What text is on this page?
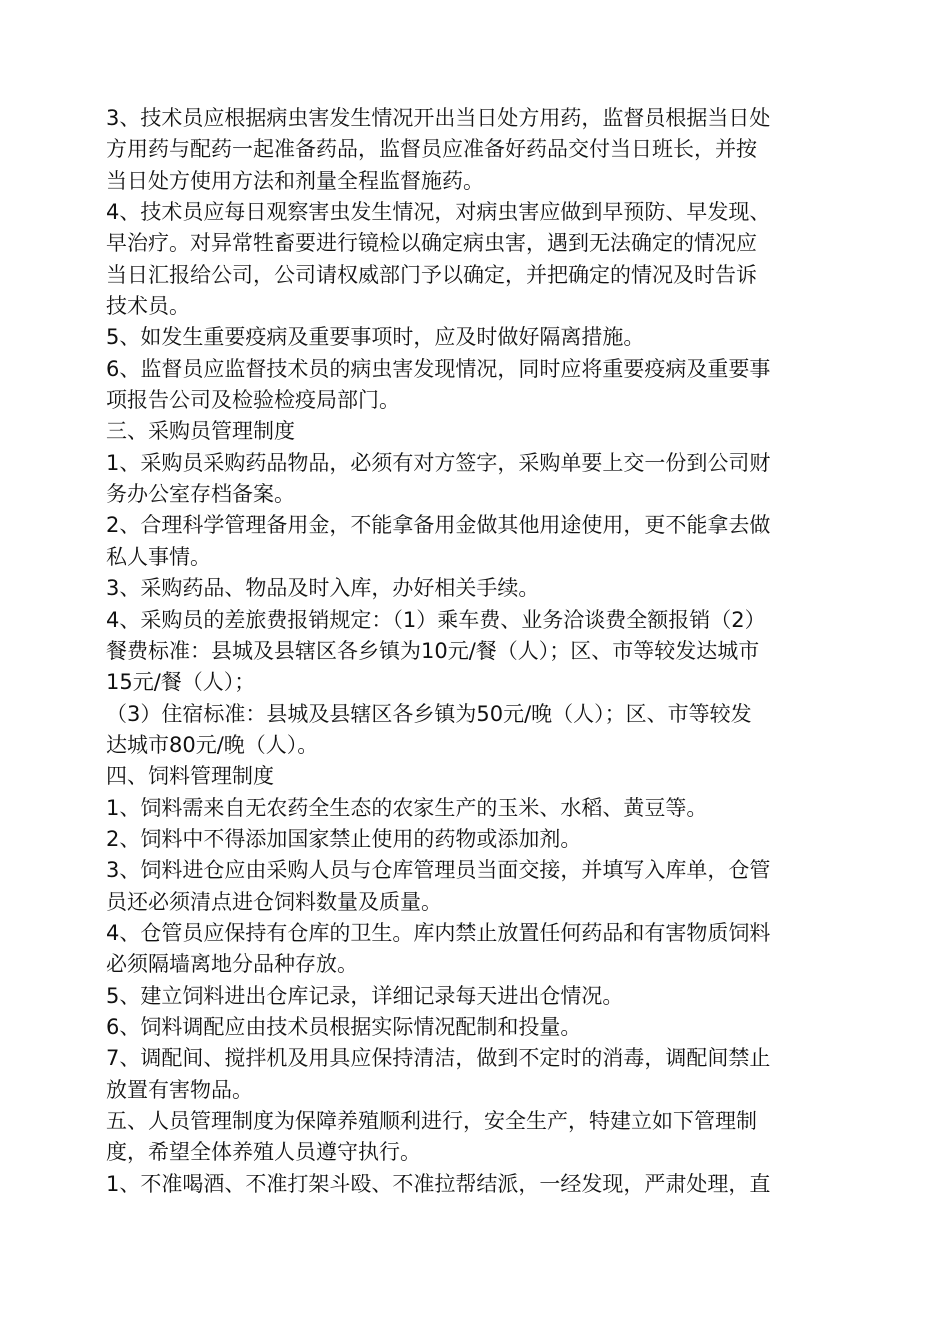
3、技术员应根据病虫害发生情况开出当日处方用药，监督员根据当日处
方用药与配药一起准备药品，监督员应准备好药品交付当日班长，并按
当日处方使用方法和剂量全程监督施药。
4、技术员应每日观察害虫发生情况，对病虫害应做到早预防、早发现、
早治疗。对异常牲畜要进行镜检以确定病虫害，遇到无法确定的情况应
当日汇报给公司，公司请权威部门予以确定，并把确定的情况及时告诉
技术员。
5、如发生重要疫病及重要事项时，应及时做好隔离措施。
6、监督员应监督技术员的病虫害发现情况，同时应将重要疫病及重要事
项报告公司及检验检疫局部门。
三、采购员管理制度
1、采购员采购药品物品，必须有对方签字，采购单要上交一份到公司财
务办公室存档备案。
2、合理科学管理备用金，不能拿备用金做其他用途使用，更不能拿去做
私人事情。
3、采购药品、物品及时入库，办好相关手续。
4、采购员的差旅费报销规定：（1）乘车费、业务洽谈费全额报销（2）
餐费标准：县城及县辖区各乡镇为10元/餐（人）；区、市等较发达城市
15元/餐（人）；
（3）住宿标准：县城及县辖区各乡镇为50元/晚（人）；区、市等较发
达城市80元/晚（人）。
四、饲料管理制度
1、饲料需来自无农药全生态的农家生产的玉米、水稻、黄豆等。
2、饲料中不得添加国家禁止使用的药物或添加剂。
3、饲料进仓应由采购人员与仓库管理员当面交接，并填写入库单，仓管
员还必须清点进仓饲料数量及质量。
4、仓管员应保持有仓库的卫生。库内禁止放置任何药品和有害物质饲料
必须隔墙离地分品种存放。
5、建立饲料进出仓库记录，详细记录每天进出仓情况。
6、饲料调配应由技术员根据实际情况配制和投量。
7、调配间、搅拌机及用具应保持清洁，做到不定时的消毒，调配间禁止
放置有害物品。
五、人员管理制度为保障养殖顺利进行，安全生产，特建立如下管理制
度，希望全体养殖人员遵守执行。
1、不准喝酒、不准打架斗殴、不准拉帮结派，一经发现，严肃处理，直
